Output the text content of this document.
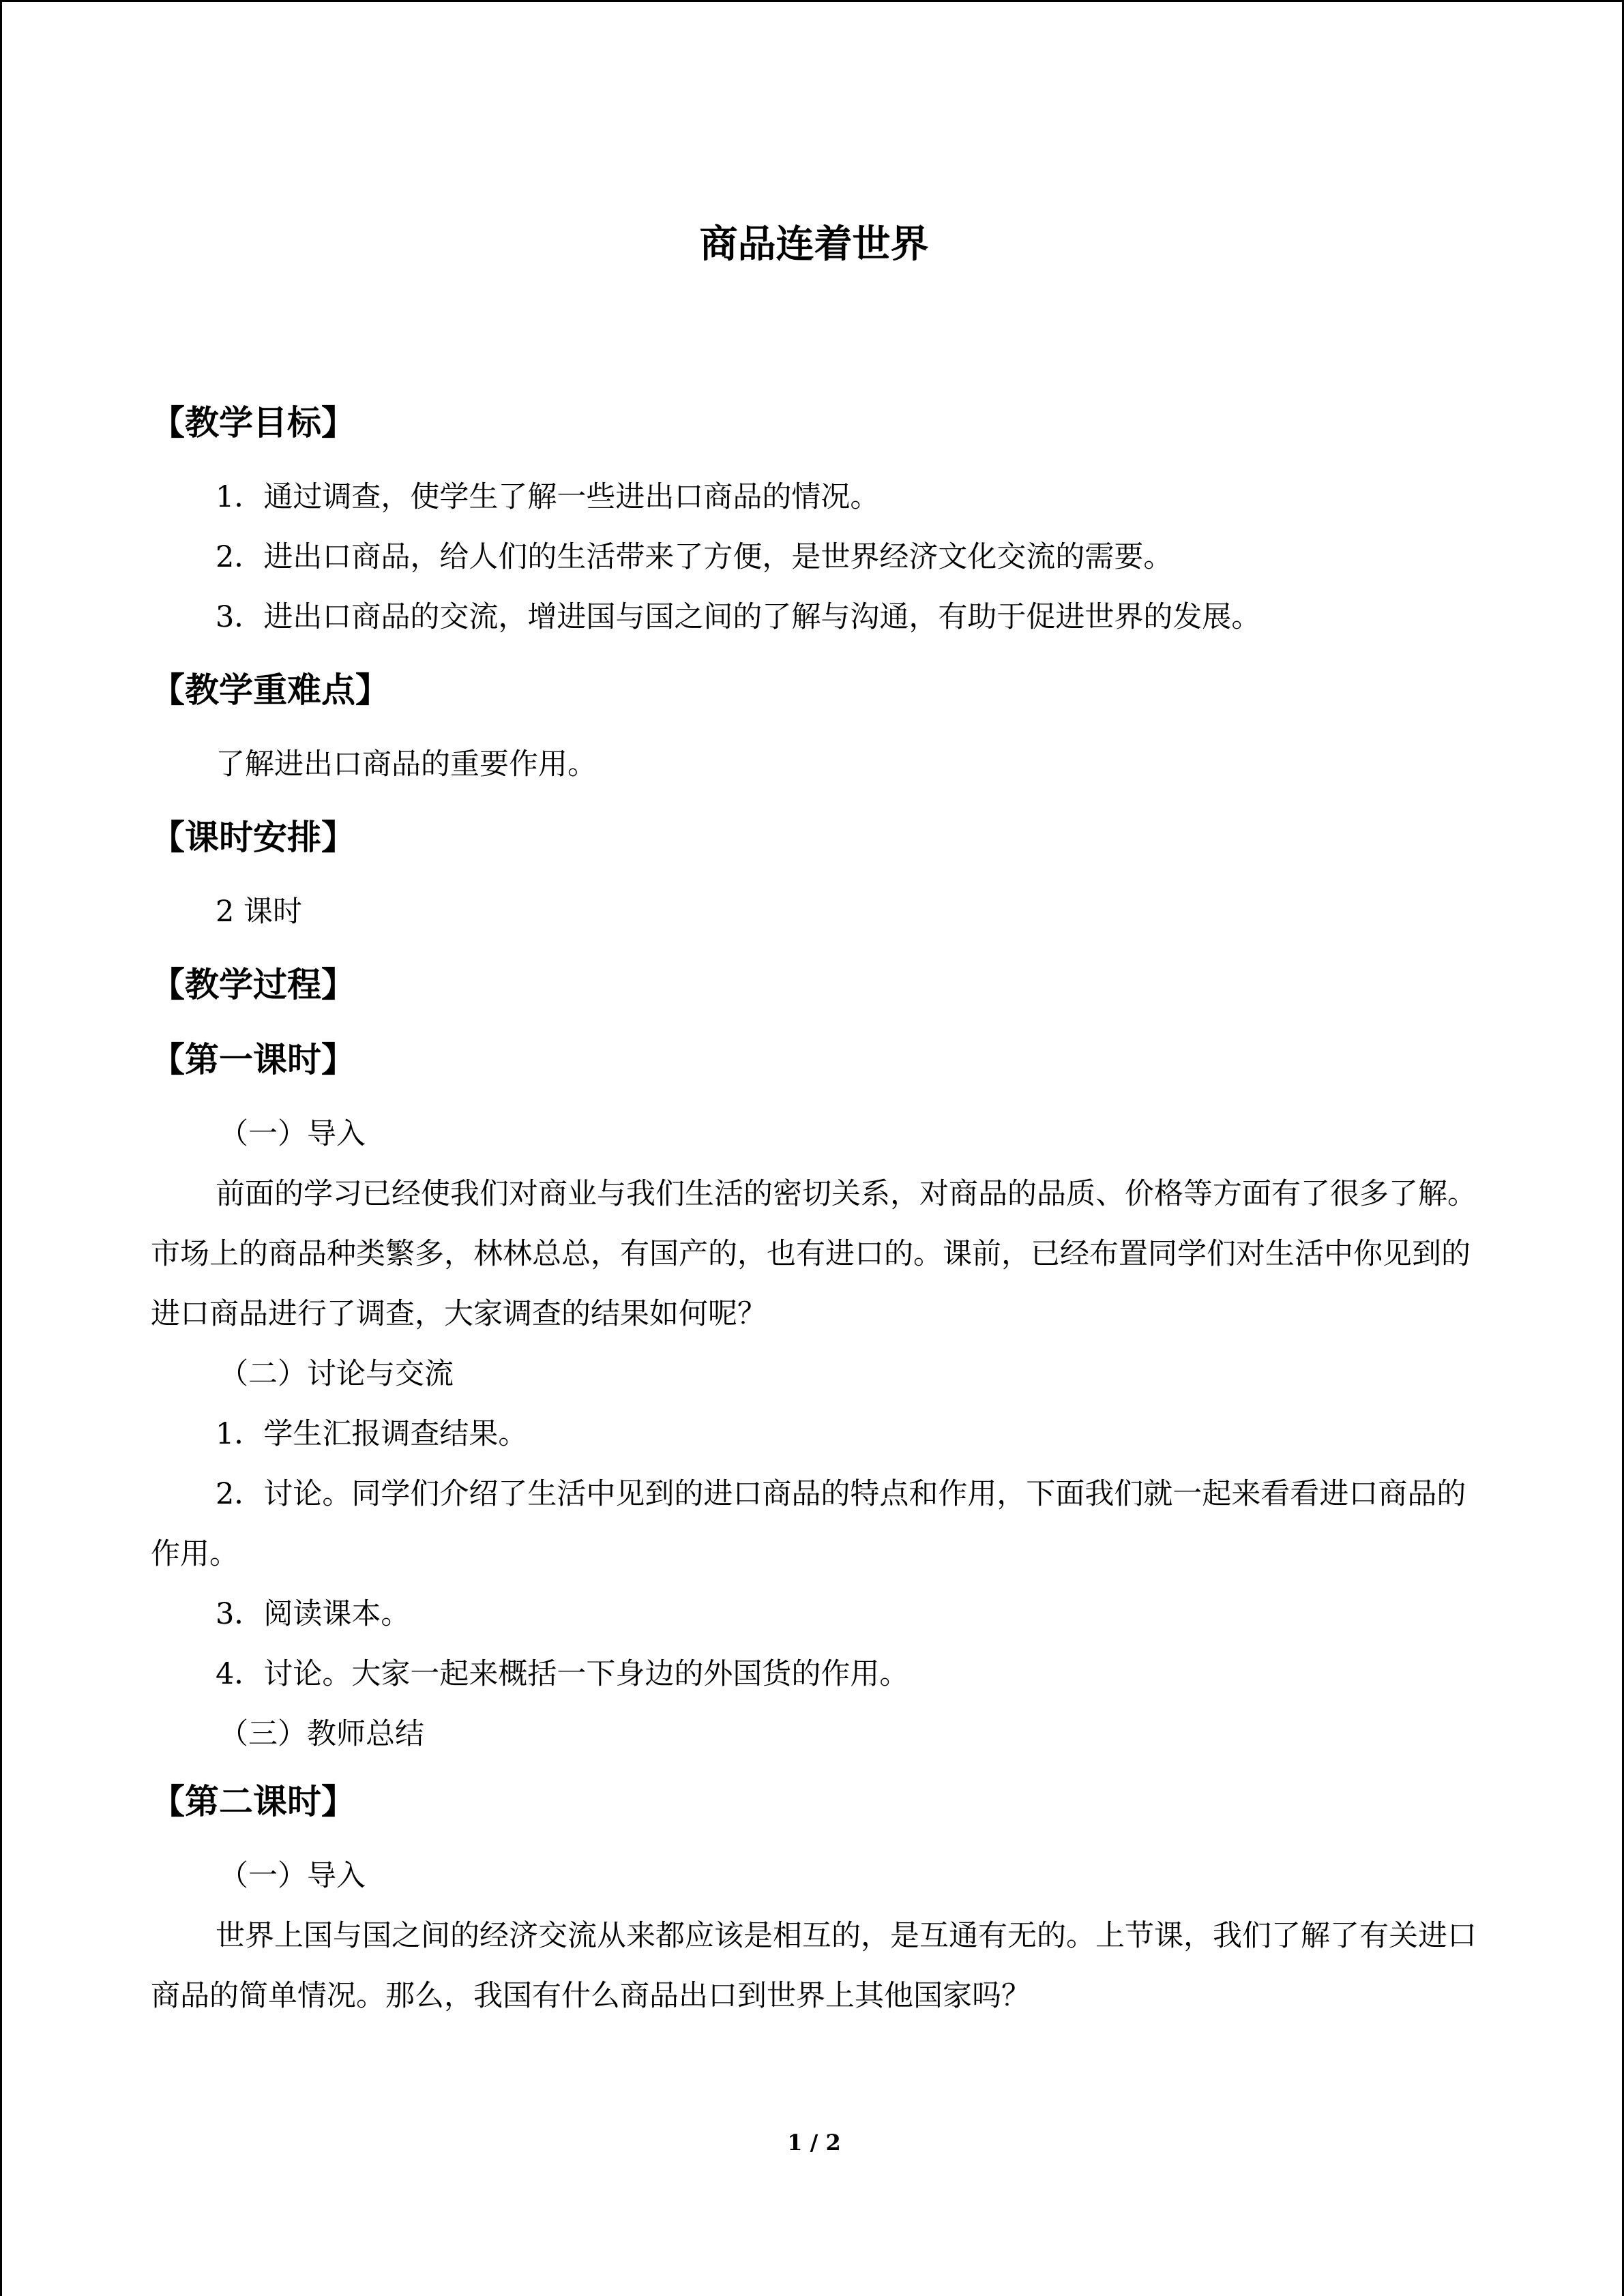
商品连着世界
【教学目标】

1．通过调查，使学生了解一些进出口商品的情况。

2．进出口商品，给人们的生活带来了方便，是世界经济文化交流的需要。

3．进出口商品的交流，增进国与国之间的了解与沟通，有助于促进世界的发展。

【教学重难点】

了解进出口商品的重要作用。

【课时安排】

2 课时

【教学过程】
【第一课时】

（一）导入

前面的学习已经使我们对商业与我们生活的密切关系，对商品的品质、价格等方面有了很多了解。市场上的商品种类繁多，林林总总，有国产的，也有进口的。课前，已经布置同学们对生活中你见到的进口商品进行了调查，大家调查的结果如何呢？

（二）讨论与交流

1．学生汇报调查结果。

2．讨论。同学们介绍了生活中见到的进口商品的特点和作用，下面我们就一起来看看进口商品的作用。

3．阅读课本。

4．讨论。大家一起来概括一下身边的外国货的作用。

（三）教师总结

【第二课时】

（一）导入

世界上国与国之间的经济交流从来都应该是相互的，是互通有无的。上节课，我们了解了有关进口商品的简单情况。那么，我国有什么商品出口到世界上其他国家吗？

1 / 2
